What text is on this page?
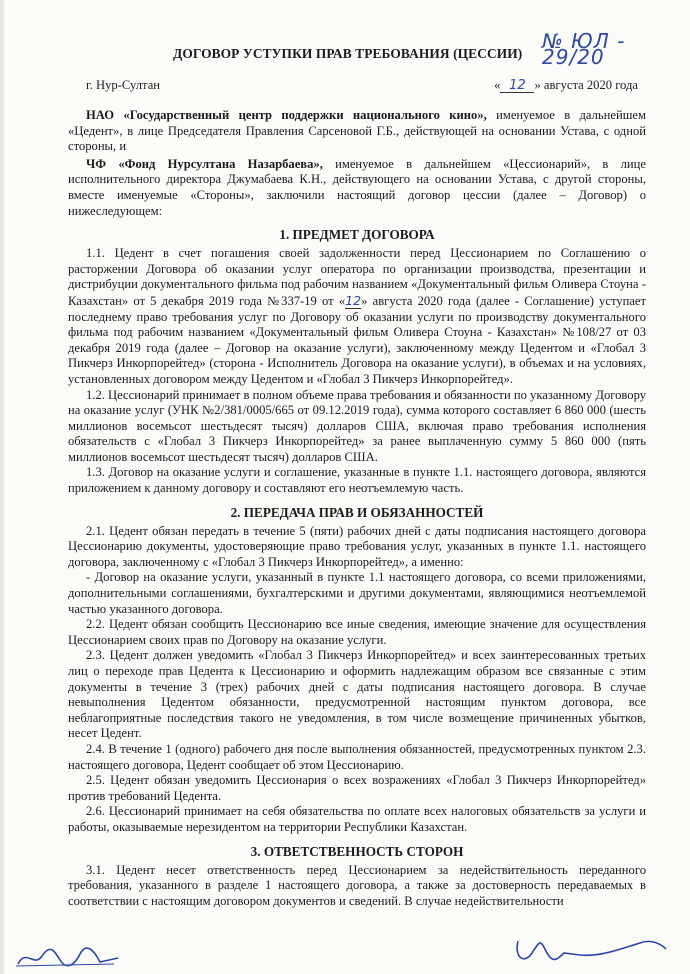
ДОГОВОР УСТУПКИ ПРАВ ТРЕБОВАНИЯ (ЦЕССИИ)
№ ЮЛ - 29/20
г. Нур-Султан	« 12 » августа 2020 года

НАО «Государственный центр поддержки национального кино», именуемое в дальнейшем «Цедент», в лице Председателя Правления Сарсеновой Г.Б., действующей на основании Устава, с одной стороны, и

ЧФ «Фонд Нурсултана Назарбаева», именуемое в дальнейшем «Цессионарий», в лице исполнительного директора Джумабаева К.Н., действующего на основании Устава, с другой стороны, вместе именуемые «Стороны», заключили настоящий договор цессии (далее – Договор) о нижеследующем:

1. ПРЕДМЕТ ДОГОВОРА

1.1. Цедент в счет погашения своей задолженности перед Цессионарием по Соглашению о расторжении Договора об оказании услуг оператора по организации производства, презентации и дистрибуции документального фильма под рабочим названием «Документальный фильм Оливера Стоуна - Казахстан» от 5 декабря 2019 года №337-19 от «12» августа 2020 года (далее - Соглашение) уступает последнему право требования услуг по Договору об оказании услуги по производству документального фильма под рабочим названием «Документальный фильм Оливера Стоуна - Казахстан» №108/27 от 03 декабря 2019 года (далее – Договор на оказание услуги), заключенному между Цедентом и «Глобал 3 Пикчерз Инкорпорейтед» (сторона - Исполнитель Договора на оказание услуги), в объемах и на условиях, установленных договором между Цедентом и «Глобал 3 Пикчерз Инкорпорейтед».

1.2. Цессионарий принимает в полном объеме права требования и обязанности по указанному Договору на оказание услуг (УНК №2/381/0005/665 от 09.12.2019 года), сумма которого составляет 6 860 000 (шесть миллионов восемьсот шестьдесят тысяч) долларов США, включая право требования исполнения обязательств с «Глобал 3 Пикчерз Инкорпорейтед» за ранее выплаченную сумму 5 860 000 (пять миллионов восемьсот шестьдесят тысяч) долларов США.

1.3. Договор на оказание услуги и соглашение, указанные в пункте 1.1. настоящего договора, являются приложением к данному договору и составляют его неотъемлемую часть.

2. ПЕРЕДАЧА ПРАВ И ОБЯЗАННОСТЕЙ

2.1. Цедент обязан передать в течение 5 (пяти) рабочих дней с даты подписания настоящего договора Цессионарию документы, удостоверяющие право требования услуг, указанных в пункте 1.1. настоящего договора, заключенному с «Глобал 3 Пикчерз Инкорпорейтед», а именно:

- Договор на оказание услуги, указанный в пункте 1.1 настоящего договора, со всеми приложениями, дополнительными соглашениями, бухгалтерскими и другими документами, являющимися неотъемлемой частью указанного договора.

2.2. Цедент обязан сообщить Цессионарию все иные сведения, имеющие значение для осуществления Цессионарием своих прав по Договору на оказание услуги.

2.3. Цедент должен уведомить «Глобал 3 Пикчерз Инкорпорейтед» и всех заинтересованных третьих лиц о переходе прав Цедента к Цессионарию и оформить надлежащим образом все связанные с этим документы в течение 3 (трех) рабочих дней с даты подписания настоящего договора. В случае невыполнения Цедентом обязанности, предусмотренной настоящим пунктом договора, все неблагоприятные последствия такого не уведомления, в том числе возмещение причиненных убытков, несет Цедент.

2.4. В течение 1 (одного) рабочего дня после выполнения обязанностей, предусмотренных пунктом 2.3. настоящего договора, Цедент сообщает об этом Цессионарию.

2.5. Цедент обязан уведомить Цессионария о всех возражениях «Глобал 3 Пикчерз Инкорпорейтед» против требований Цедента.

2.6. Цессионарий принимает на себя обязательства по оплате всех налоговых обязательств за услуги и работы, оказываемые нерезидентом на территории Республики Казахстан.

3. ОТВЕТСТВЕННОСТЬ СТОРОН

3.1. Цедент несет ответственность перед Цессионарием за недействительность переданного требования, указанного в разделе 1 настоящего договора, а также за достоверность передаваемых в соответствии с настоящим договором документов и сведений. В случае недействительности
